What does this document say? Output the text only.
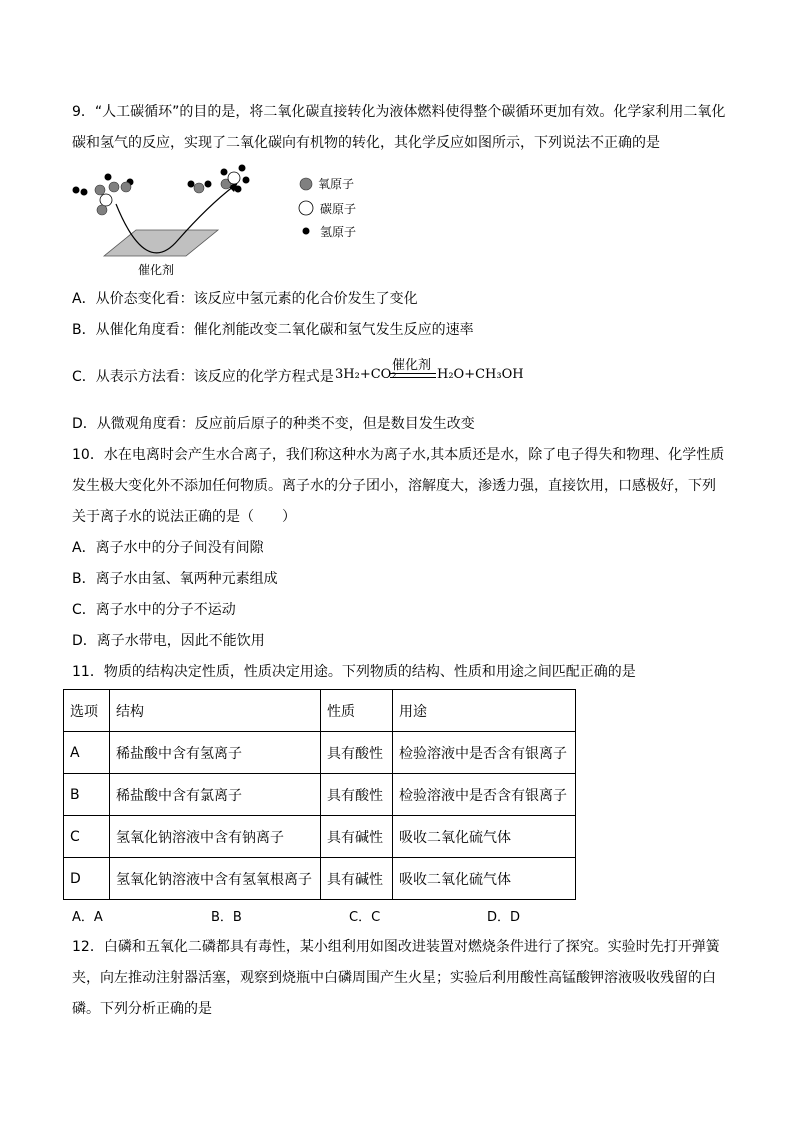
9．“人工碳循环”的目的是，将二氧化碳直接转化为液体燃料使得整个碳循环更加有效。化学家利用二氧化
碳和氢气的反应，实现了二氧化碳向有机物的转化，其化学反应如图所示，下列说法不正确的是
氧原子
碳原子
氢原子
催化剂
A．从价态变化看：该反应中氢元素的化合价发生了变化
B．从催化角度看：催化剂能改变二氧化碳和氢气发生反应的速率
C．从表示方法看：该反应的化学方程式是 3H₂+CO₂
催化剂
H₂O+CH₃OH
D．从微观角度看：反应前后原子的种类不变，但是数目发生改变
10．水在电离时会产生水合离子，我们称这种水为离子水,其本质还是水，除了电子得失和物理、化学性质
发生极大变化外不添加任何物质。离子水的分子团小，溶解度大，渗透力强，直接饮用，口感极好，下列
关于离子水的说法正确的是（　　）
A．离子水中的分子间没有间隙
B．离子水由氢、氧两种元素组成
C．离子水中的分子不运动
D．离子水带电，因此不能饮用
11．物质的结构决定性质，性质决定用途。下列物质的结构、性质和用途之间匹配正确的是
选项	结构	性质	用途
A	稀盐酸中含有氢离子	具有酸性	检验溶液中是否含有银离子
B	稀盐酸中含有氯离子	具有酸性	检验溶液中是否含有银离子
C	氢氧化钠溶液中含有钠离子	具有碱性	吸收二氧化硫气体
D	氢氧化钠溶液中含有氢氧根离子	具有碱性	吸收二氧化硫气体
A．A	B．B	C．C	D．D
12．白磷和五氧化二磷都具有毒性，某小组利用如图改进装置对燃烧条件进行了探究。实验时先打开弹簧
夹，向左推动注射器活塞，观察到烧瓶中白磷周围产生火星；实验后利用酸性高锰酸钾溶液吸收残留的白
磷。下列分析正确的是
